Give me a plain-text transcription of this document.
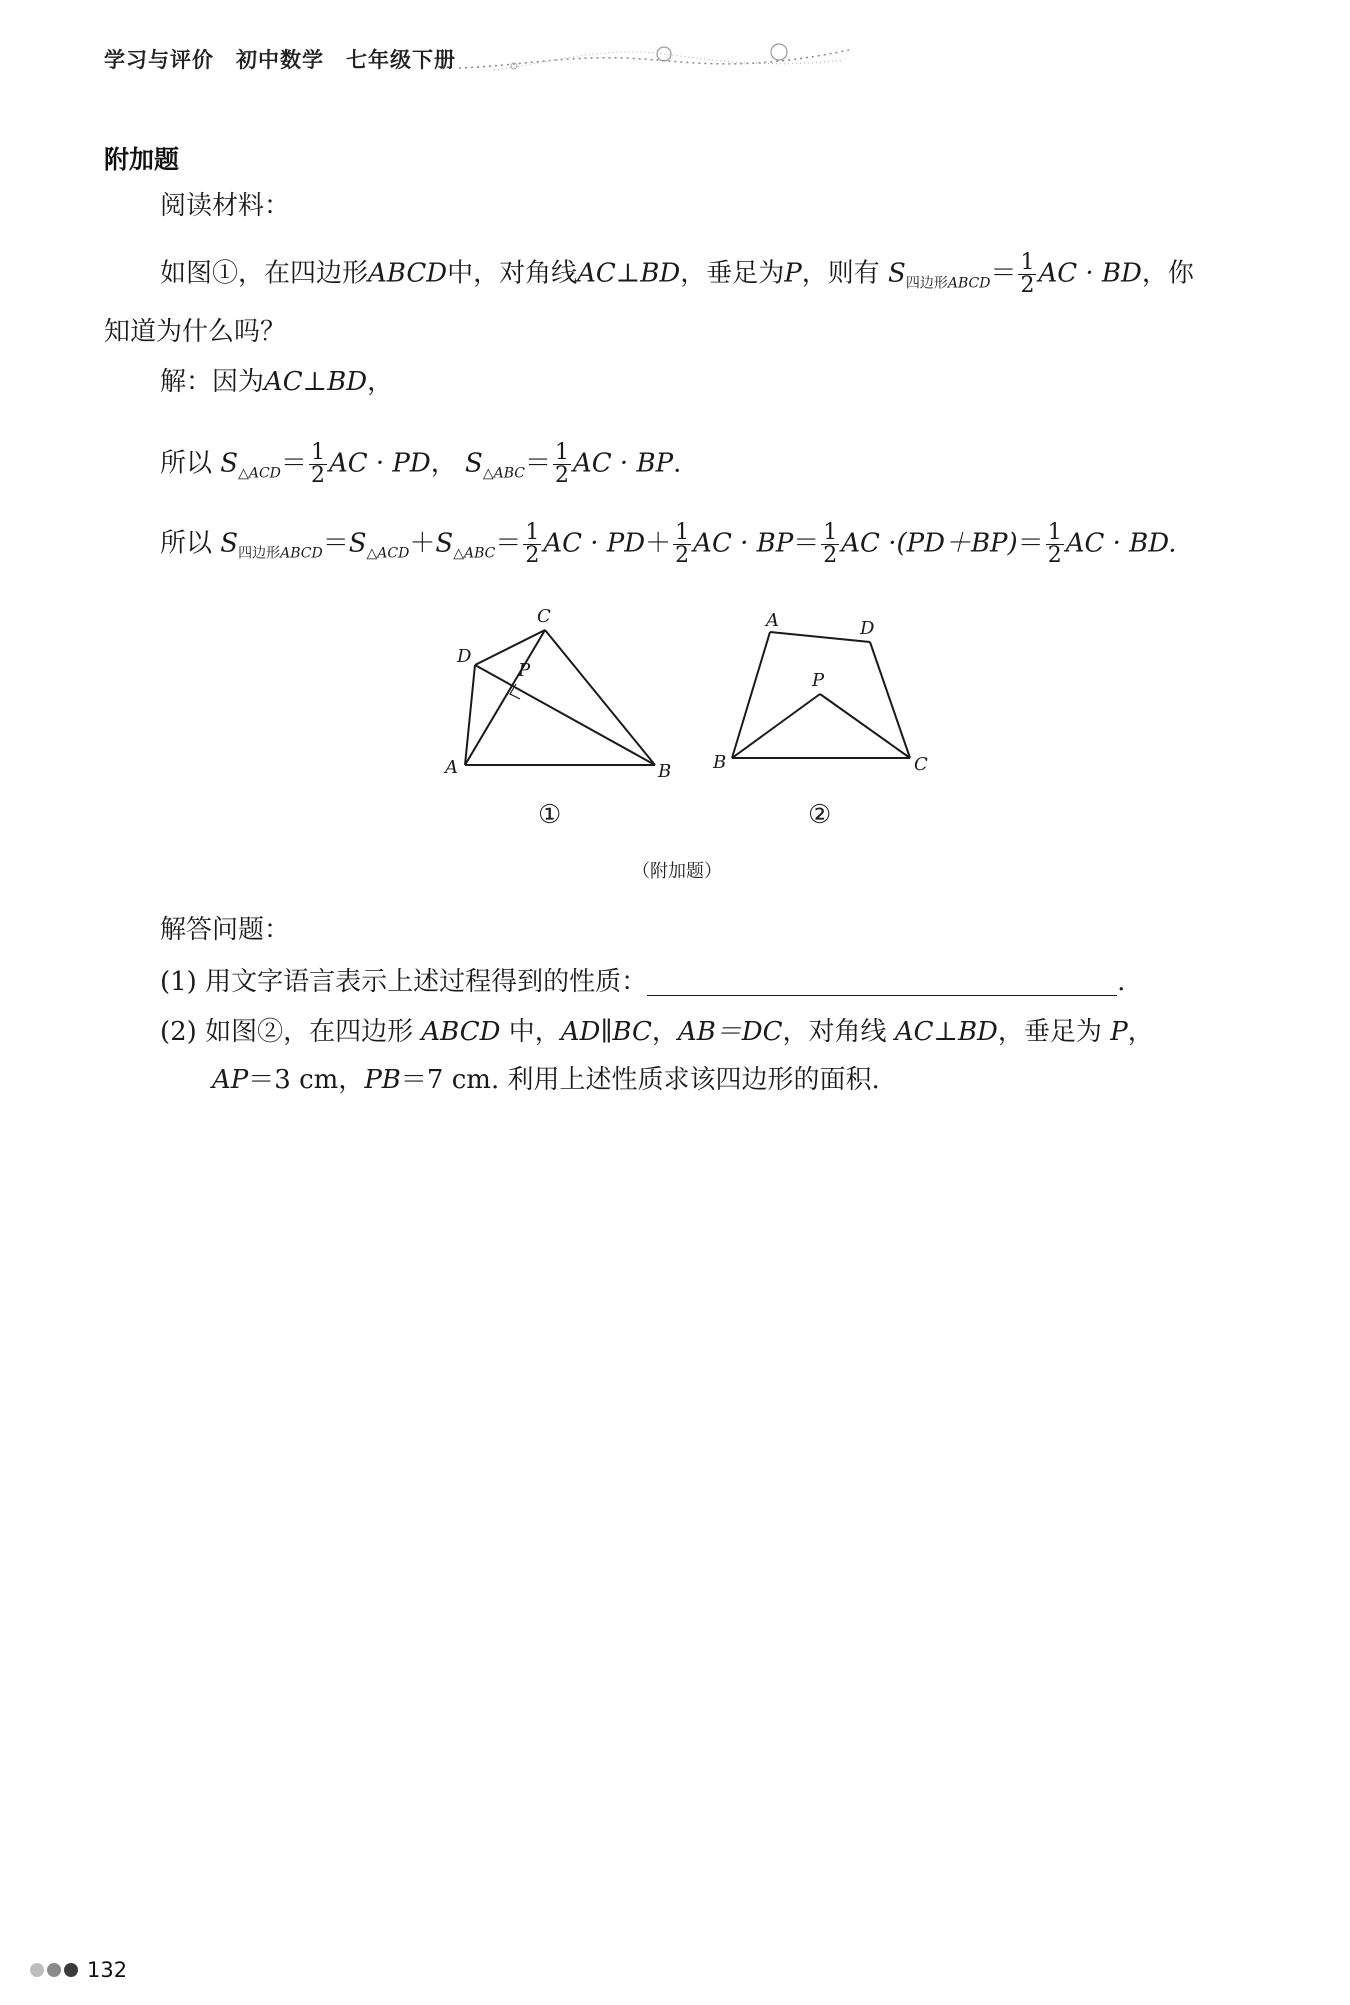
学习与评价 初中数学 七年级下册
附加题
阅读材料：
如图①，在四边形ABCD中，对角线AC⊥BD，垂足为P，则有 $S_{四边形ABCD}= \frac{1}{2}$ AC · BD，你
知道为什么吗？
解：因为AC⊥BD，
所以 $S_{\triangle ACD}= \frac{1}{2}$ AC · PD， $S_{\triangle ABC}= \frac{1}{2}$ AC · BP.
所以 $S_{四边形ABCD}=S_{\triangle ACD}+S_{\triangle ABC}= \frac{1}{2}$ AC · $PD+ \frac{1}{2}$ AC · $BP= \frac{1}{2}$ AC $\cdot(PD+BP)= \frac{1}{2}$ AC · BD.
A	B
C
D
P
A
B	C
D
P
①	②
（附加题）
解答问题：
(1) 用文字语言表示上述过程得到的性质：	.
(2) 如图②，在四边形 ABCD 中，AD∥BC，AB＝DC，对角线 AC⊥BD，垂足为 P，
AP＝3 cm，PB＝7 cm. 利用上述性质求该四边形的面积.
132
